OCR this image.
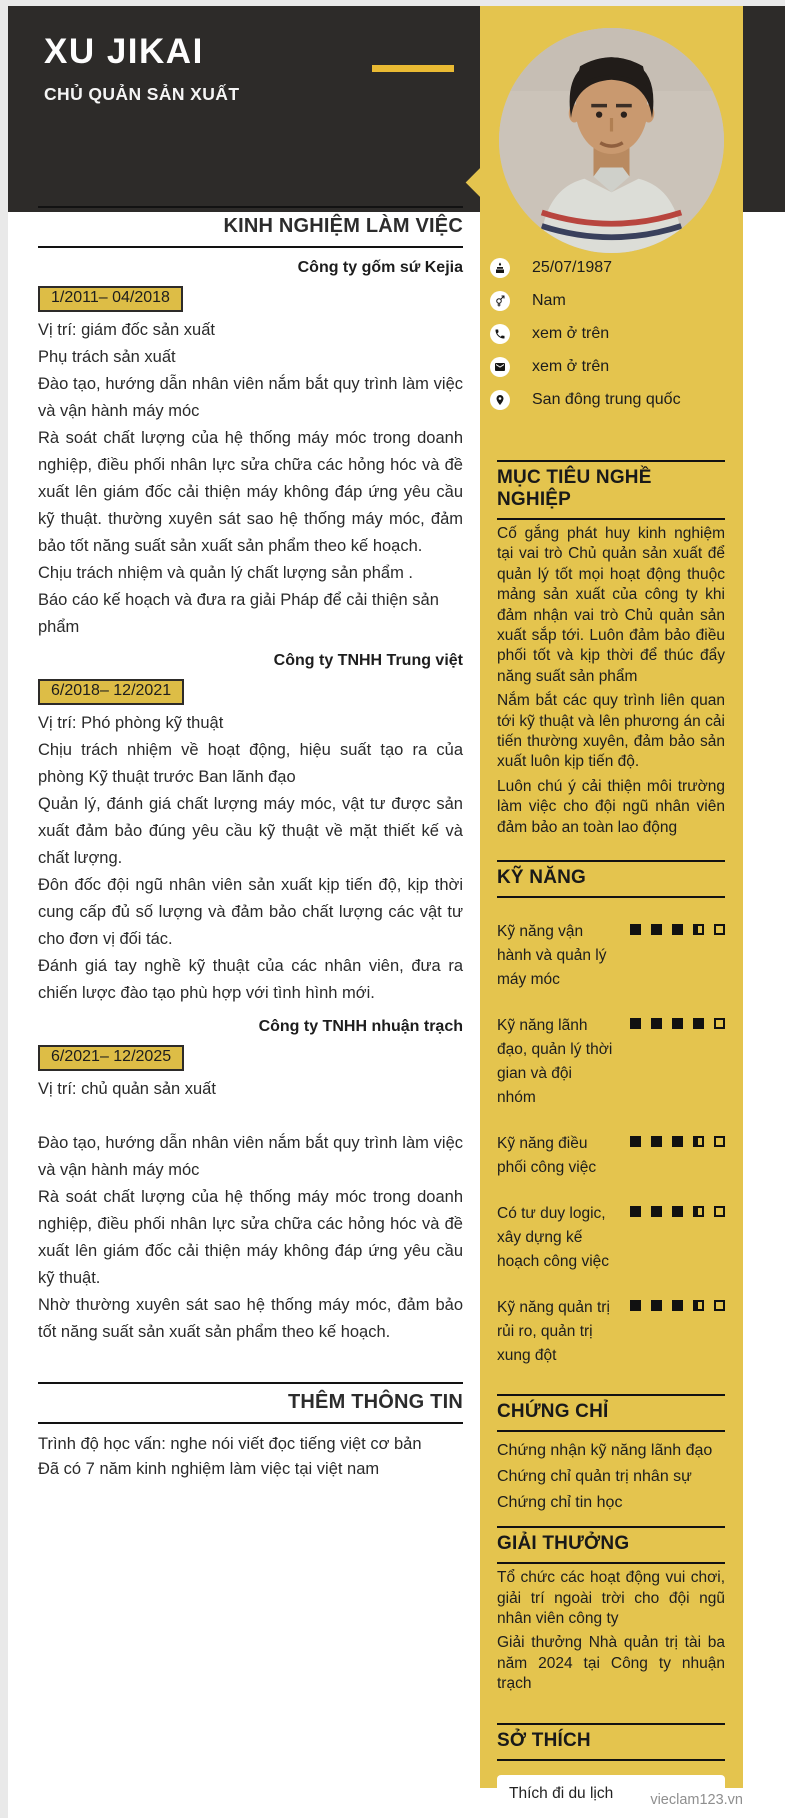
XU JIKAI
CHỦ QUẢN SẢN XUẤT
KINH NGHIỆM LÀM VIỆC
Công ty gốm sứ Kejia
1/2011– 04/2018

Vị trí: giám đốc sản xuất

Phụ trách sản xuất

Đào tạo, hướng dẫn nhân viên nắm bắt quy trình làm việc và vận hành máy móc

Rà soát chất lượng của hệ thống máy móc trong doanh nghiệp, điều phối nhân lực sửa chữa các hỏng hóc và đề xuất lên giám đốc cải thiện máy không đáp ứng yêu cầu kỹ thuật. thường xuyên sát sao hệ thống máy móc, đảm bảo tốt năng suất sản xuất sản phẩm theo kế hoạch.

Chịu trách nhiệm và quản lý chất lượng sản phẩm .

Báo cáo kế hoạch và đưa ra giải Pháp để cải thiện sản phẩm

Công ty TNHH Trung việt
6/2018– 12/2021

Vị trí: Phó phòng kỹ thuật

Chịu trách nhiệm về hoạt động, hiệu suất tạo ra của phòng Kỹ thuật trước Ban lãnh đạo

Quản lý, đánh giá chất lượng máy móc, vật tư được sản xuất đảm bảo đúng yêu cầu kỹ thuật về mặt thiết kế và chất lượng.

Đôn đốc đội ngũ nhân viên sản xuất kịp tiến độ, kịp thời cung cấp đủ số lượng và đảm bảo chất lượng các vật tư cho đơn vị đối tác.

Đánh giá tay nghề kỹ thuật của các nhân viên, đưa ra chiến lược đào tạo phù hợp với tình hình mới.

Công ty TNHH nhuận trạch
6/2021– 12/2025

Vị trí: chủ quản sản xuất

Đào tạo, hướng dẫn nhân viên nắm bắt quy trình làm việc và vận hành máy móc

Rà soát chất lượng của hệ thống máy móc trong doanh nghiệp, điều phối nhân lực sửa chữa các hỏng hóc và đề xuất lên giám đốc cải thiện máy không đáp ứng yêu cầu kỹ thuật.

Nhờ thường xuyên sát sao hệ thống máy móc, đảm bảo tốt năng suất sản xuất sản phẩm theo kế hoạch.

THÊM THÔNG TIN

Trình độ học vấn: nghe nói viết đọc tiếng việt cơ bản

Đã có 7 năm kinh nghiệm làm việc tại việt nam

25/07/1987
Nam
xem ở trên
xem ở trên
San đông trung quốc
MỤC TIÊU NGHỀ NGHIỆP

Cố gắng phát huy kinh nghiệm tại vai trò Chủ quản sản xuất để quản lý tốt mọi hoạt động thuộc mảng sản xuất của công ty khi đảm nhận vai trò Chủ quản sản xuất sắp tới. Luôn đảm bảo điều phối tốt và kịp thời để thúc đẩy năng suất sản phẩm

Nắm bắt các quy trình liên quan tới kỹ thuật và lên phương án cải tiến thường xuyên, đảm bảo sản xuất luôn kịp tiến độ.

Luôn chú ý cải thiện môi trường làm việc cho đội ngũ nhân viên đảm bảo an toàn lao động

KỸ NĂNG
Kỹ năng vận hành và quản lý máy móc
Kỹ năng lãnh đạo, quản lý thời gian và đội nhóm
Kỹ năng điều phối công việc
Có tư duy logic, xây dựng kế hoạch công việc
Kỹ năng quản trị rủi ro, quản trị xung đột
CHỨNG CHỈ

Chứng nhận kỹ năng lãnh đạo

Chứng chỉ quản trị nhân sự

Chứng chỉ tin học

GIẢI THƯỞNG

Tổ chức các hoạt động vui chơi, giải trí ngoài trời cho đội ngũ nhân viên công ty

Giải thưởng Nhà quản trị tài ba năm 2024 tại Công ty nhuận trạch

SỞ THÍCH
Thích đi du lịch	vieclam123.vn
